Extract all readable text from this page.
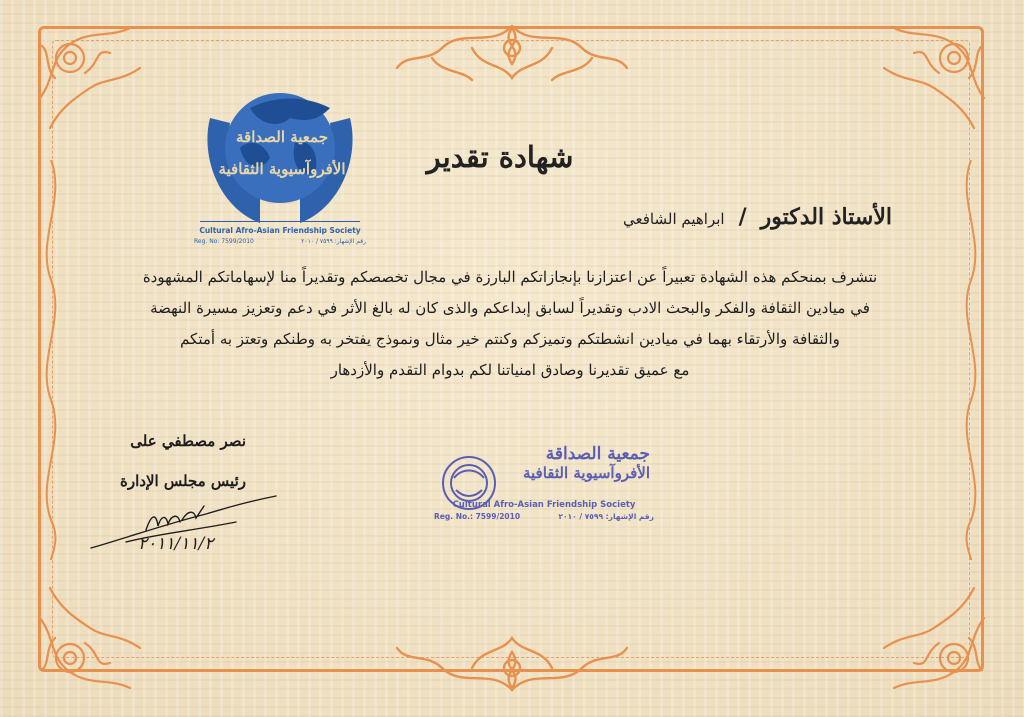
جمعية الصداقة
الأفروآسيوية الثقافية
Cultural Afro-Asian Friendship Society
Reg. No: 7599/2010	رقم الإشهار: ٧٥٩٩ / ٢٠١٠
شهادة تقدير
الأستاذ الدكتور
/
ابراهيم الشافعي
نتشرف بمنحكم هذه الشهادة تعبيراً عن اعتزازنا بإنجازاتكم البارزة في مجال تخصصكم وتقديراً منا لإسهاماتكم المشهودة
في ميادين الثقافة والفكر والبحث الادب وتقديراً لسابق إبداعكم والذى كان له بالغ الأثر في دعم وتعزيز مسيرة النهضة
والثقافة والأرتقاء بهما في ميادين انشطتكم وتميزكم وكنتم خير مثال ونموذج يفتخر به وطنكم وتعتز به أمتكم
مع عميق تقديرنا وصادق امنياتنا لكم بدوام التقدم والأزدهار
نصر مصطفي على
رئيس مجلس الإدارة
٢٠١١/١١/٢
جمعية الصداقة
الأفروآسيوية الثقافية
Cultural Afro-Asian Friendship Society
Reg. No.: 7599/2010	رقم الإشهار: ٧٥٩٩ / ٢٠١٠
